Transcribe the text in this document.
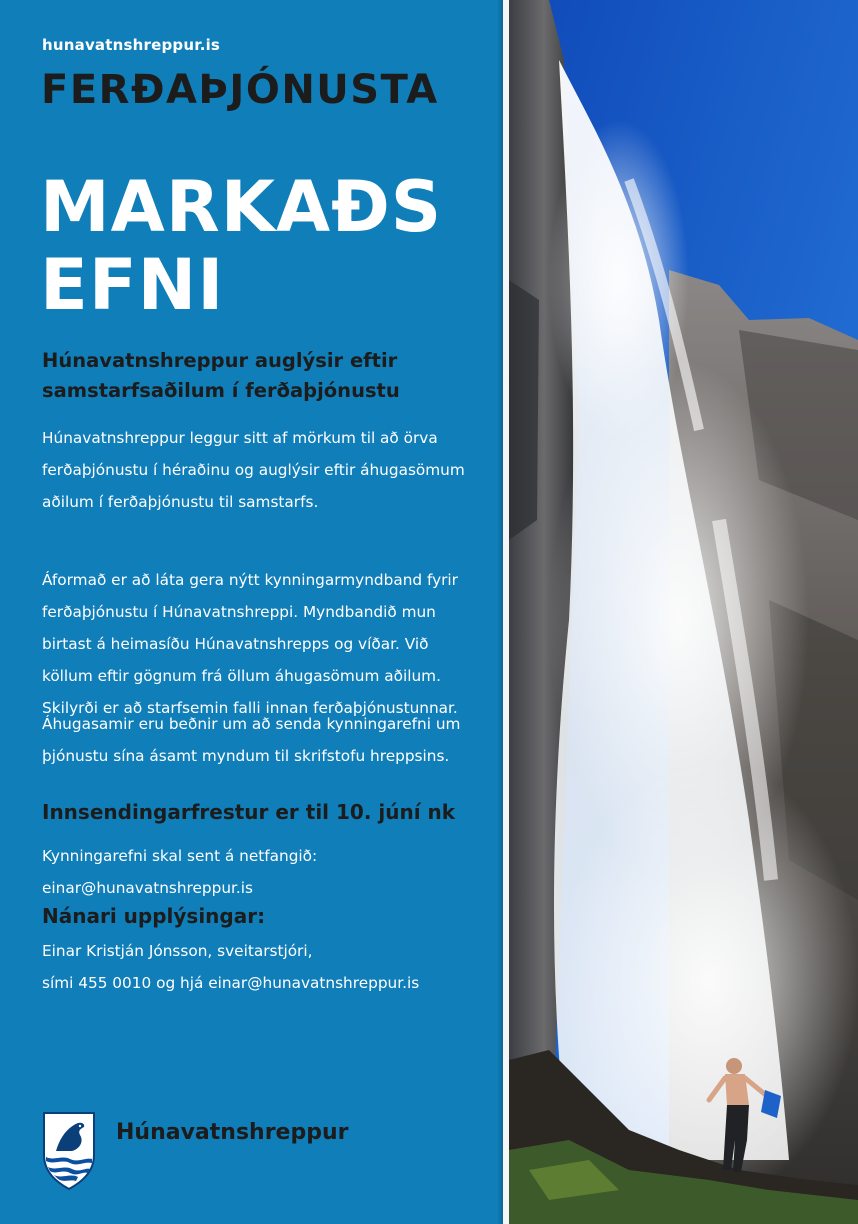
hunavatnshreppur.is
FERÐAÞJÓNUSTA
MARKAÐS
EFNI
Húnavatnshreppur auglýsir eftir
samstarfsaðilum í ferðaþjónustu
Húnavatnshreppur leggur sitt af mörkum til að örva
ferðaþjónustu í héraðinu og auglýsir eftir áhugasömum
aðilum í ferðaþjónustu til samstarfs.
Áformað er að láta gera nýtt kynningarmyndband fyrir
ferðaþjónustu í Húnavatnshreppi. Myndbandið mun
birtast á heimasíðu Húnavatnshrepps og víðar. Við
köllum eftir gögnum frá öllum áhugasömum aðilum.
Skilyrði er að starfsemin falli innan ferðaþjónustunnar.
Áhugasamir eru beðnir um að senda kynningarefni um
þjónustu sína ásamt myndum til skrifstofu hreppsins.
Innsendingarfrestur er til 10. júní nk
Kynningarefni skal sent á netfangið:
einar@hunavatnshreppur.is
Nánari upplýsingar:
Einar Kristján Jónsson, sveitarstjóri,
sími 455 0010 og hjá einar@hunavatnshreppur.is
Húnavatnshreppur
